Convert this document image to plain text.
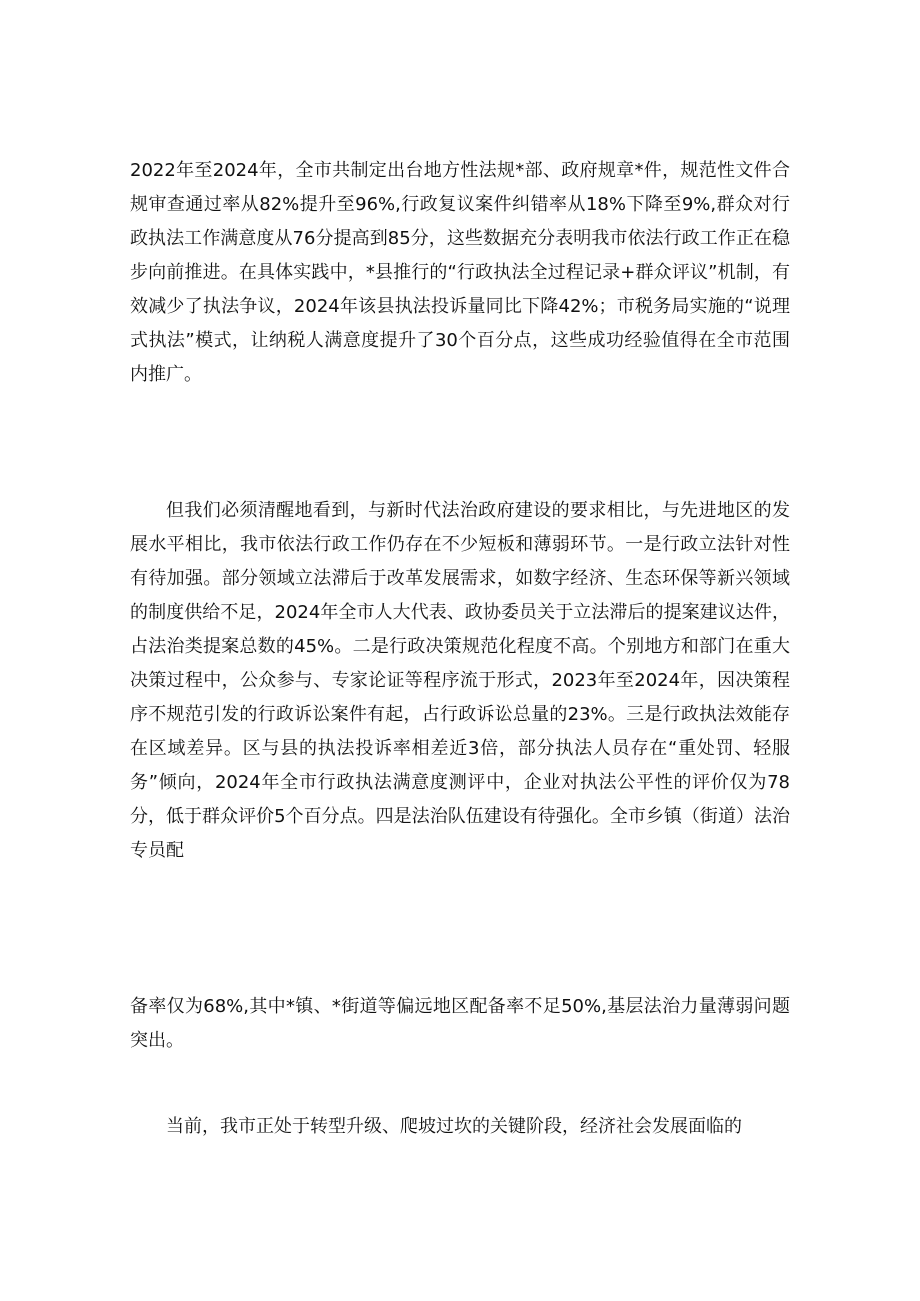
2022年至2024年，全市共制定出台地方性法规*部、政府规章*件，规范性文件合规审查通过率从82%提升至96%,行政复议案件纠错率从18%下降至9%,群众对行政执法工作满意度从76分提高到85分，这些数据充分表明我市依法行政工作正在稳步向前推进。在具体实践中，*县推行的“行政执法全过程记录+群众评议”机制，有效减少了执法争议，2024年该县执法投诉量同比下降42%；市税务局实施的“说理式执法”模式，让纳税人满意度提升了30个百分点，这些成功经验值得在全市范围内推广。

但我们必须清醒地看到，与新时代法治政府建设的要求相比，与先进地区的发展水平相比，我市依法行政工作仍存在不少短板和薄弱环节。一是行政立法针对性有待加强。部分领域立法滞后于改革发展需求，如数字经济、生态环保等新兴领域的制度供给不足，2024年全市人大代表、政协委员关于立法滞后的提案建议达件，占法治类提案总数的45%。二是行政决策规范化程度不高。个别地方和部门在重大决策过程中，公众参与、专家论证等程序流于形式，2023年至2024年，因决策程序不规范引发的行政诉讼案件有起，占行政诉讼总量的23%。三是行政执法效能存在区域差异。区与县的执法投诉率相差近3倍，部分执法人员存在“重处罚、轻服务”倾向，2024年全市行政执法满意度测评中，企业对执法公平性的评价仅为78分，低于群众评价5个百分点。四是法治队伍建设有待强化。全市乡镇（街道）法治专员配

备率仅为68%,其中*镇、*街道等偏远地区配备率不足50%,基层法治力量薄弱问题突出。

当前，我市正处于转型升级、爬坡过坎的关键阶段，经济社会发展面临的
